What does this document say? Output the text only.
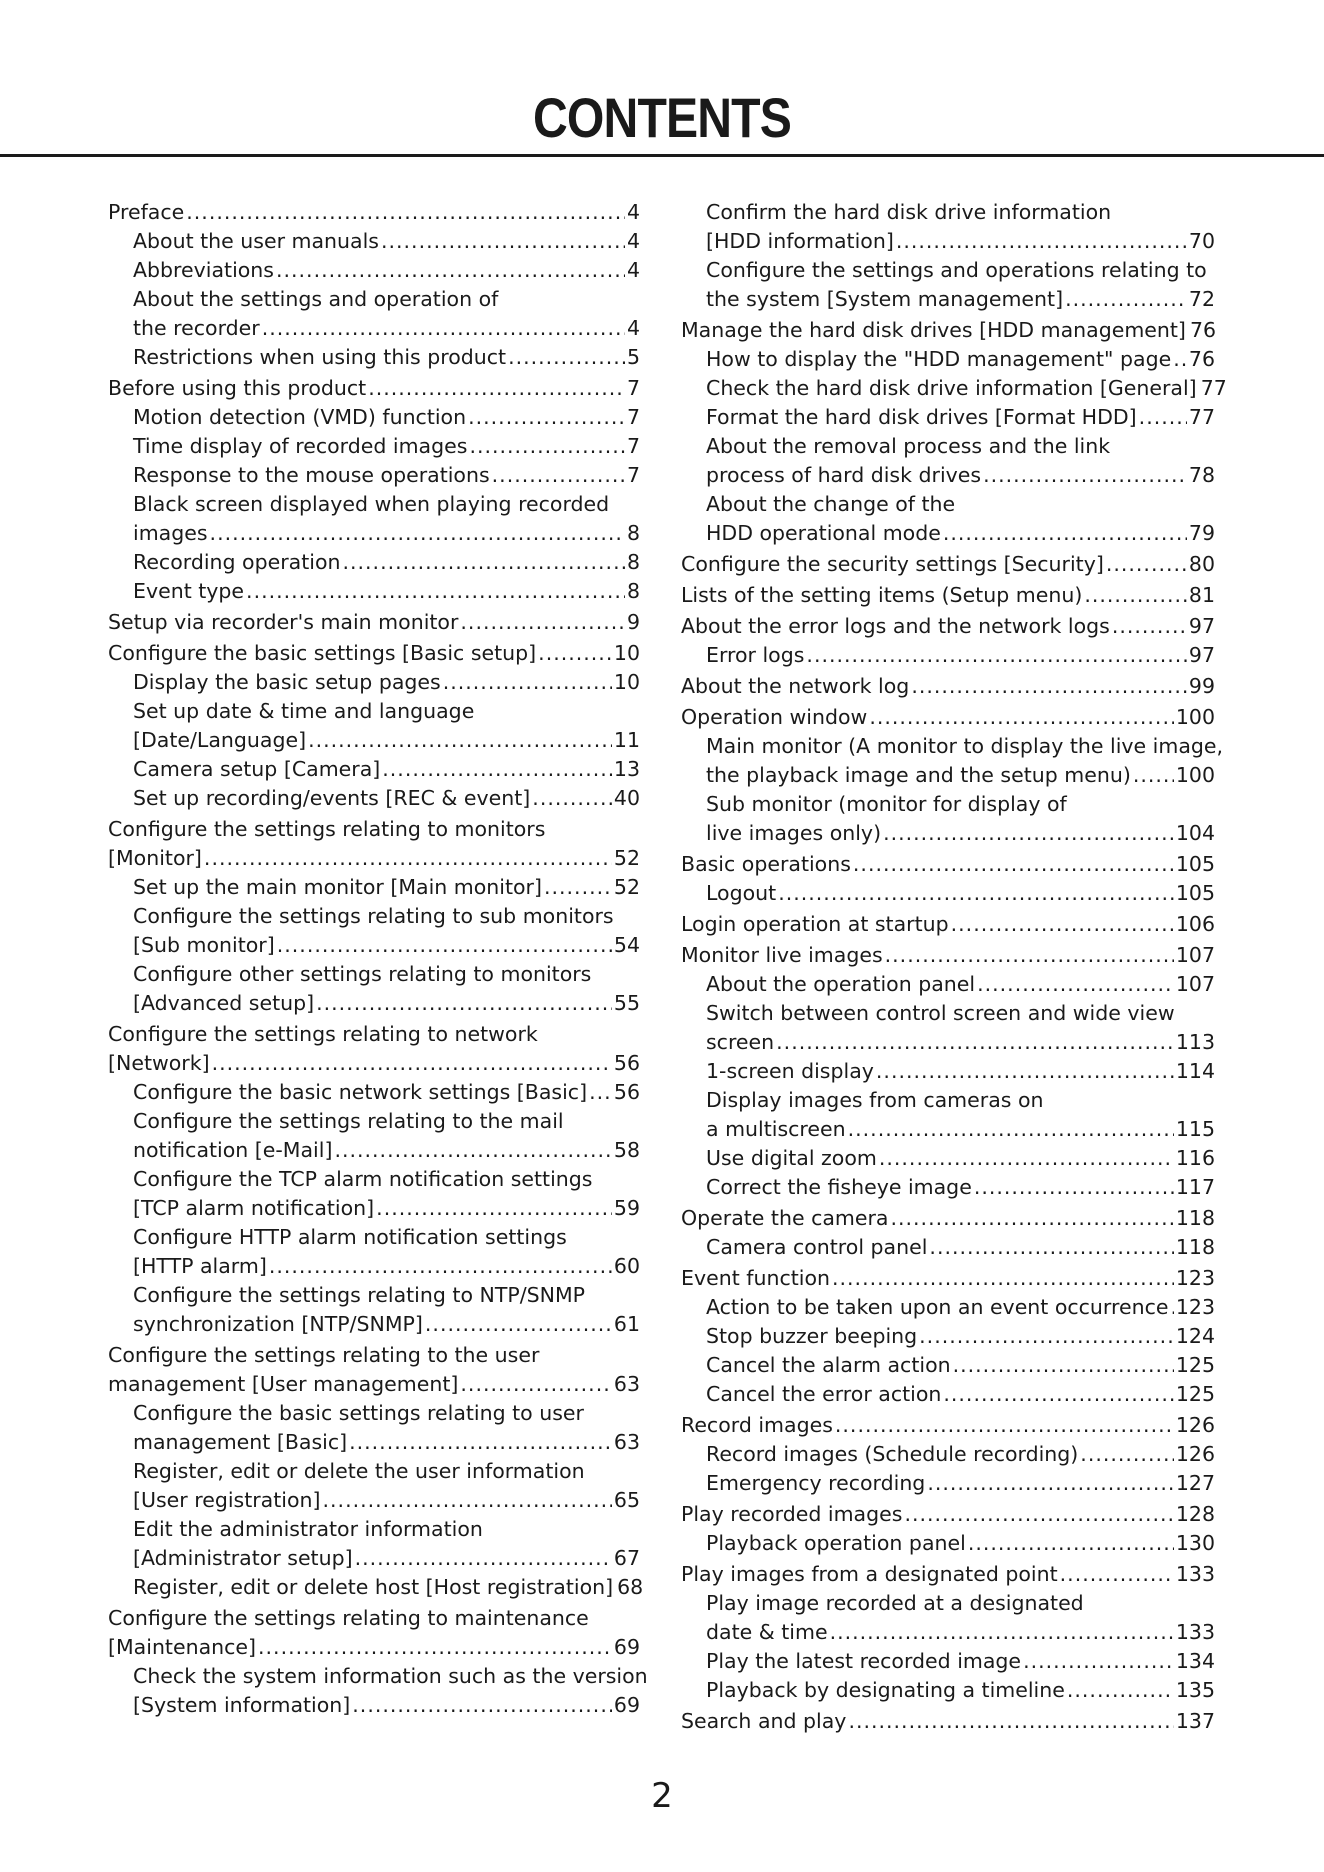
CONTENTS
Preface .....	4
About the user manuals .....	4
Abbreviations .....	4
About the settings and operation of
the recorder .....	4
Restrictions when using this product .....	5
Before using this product .....	7
Motion detection (VMD) function .....	7
Time display of recorded images .....	7
Response to the mouse operations .....	7
Black screen displayed when playing recorded
images .....	8
Recording operation .....	8
Event type .....	8
Setup via recorder's main monitor .....	9
Configure the basic settings [Basic setup] .....	10
Display the basic setup pages .....	10
Set up date & time and language
[Date/Language] .....	11
Camera setup [Camera] .....	13
Set up recording/events [REC & event] .....	40
Configure the settings relating to monitors
[Monitor] .....	52
Set up the main monitor [Main monitor] .....	52
Configure the settings relating to sub monitors
[Sub monitor] .....	54
Configure other settings relating to monitors
[Advanced setup] .....	55
Configure the settings relating to network
[Network] .....	56
Configure the basic network settings [Basic] ..... 56
Configure the settings relating to the mail
notification [e-Mail] .....	58
Configure the TCP alarm notification settings
[TCP alarm notification] .....	59
Configure HTTP alarm notification settings
[HTTP alarm] .....	60
Configure the settings relating to NTP/SNMP
synchronization [NTP/SNMP] .....	61
Configure the settings relating to the user
management [User management] .....	63
Configure the basic settings relating to user
management [Basic] .....	63
Register, edit or delete the user information
[User registration] .....	65
Edit the administrator information
[Administrator setup] .....	67
Register, edit or delete host [Host registration] 68
Configure the settings relating to maintenance
[Maintenance] .....	69
Check the system information such as the version
[System information] .....	69
Confirm the hard disk drive information
[HDD information] .....	70
Configure the settings and operations relating to
the system [System management] .....	72
Manage the hard disk drives [HDD management] 76
How to display the "HDD management" page ..... 76
Check the hard disk drive information [General] 77
Format the hard disk drives [Format HDD] .....	77
About the removal process and the link
process of hard disk drives .....	78
About the change of the
HDD operational mode .....	79
Configure the security settings [Security] .....	80
Lists of the setting items (Setup menu) .....	81
About the error logs and the network logs .....	97
Error logs .....	97
About the network log .....	99
Operation window .....	100
Main monitor (A monitor to display the live image,
the playback image and the setup menu) ..... 100
Sub monitor (monitor for display of
live images only) .....	104
Basic operations .....	105
Logout .....	105
Login operation at startup .....	106
Monitor live images .....	107
About the operation panel .....	107
Switch between control screen and wide view
screen .....	113
1-screen display .....	114
Display images from cameras on
a multiscreen .....	115
Use digital zoom .....	116
Correct the fisheye image .....	117
Operate the camera .....	118
Camera control panel .....	118
Event function .....	123
Action to be taken upon an event occurrence ..... 123
Stop buzzer beeping .....	124
Cancel the alarm action .....	125
Cancel the error action .....	125
Record images .....	126
Record images (Schedule recording) .....	126
Emergency recording .....	127
Play recorded images .....	128
Playback operation panel .....	130
Play images from a designated point .....	133
Play image recorded at a designated
date & time .....	133
Play the latest recorded image .....	134
Playback by designating a timeline .....	135
Search and play .....	137
2
